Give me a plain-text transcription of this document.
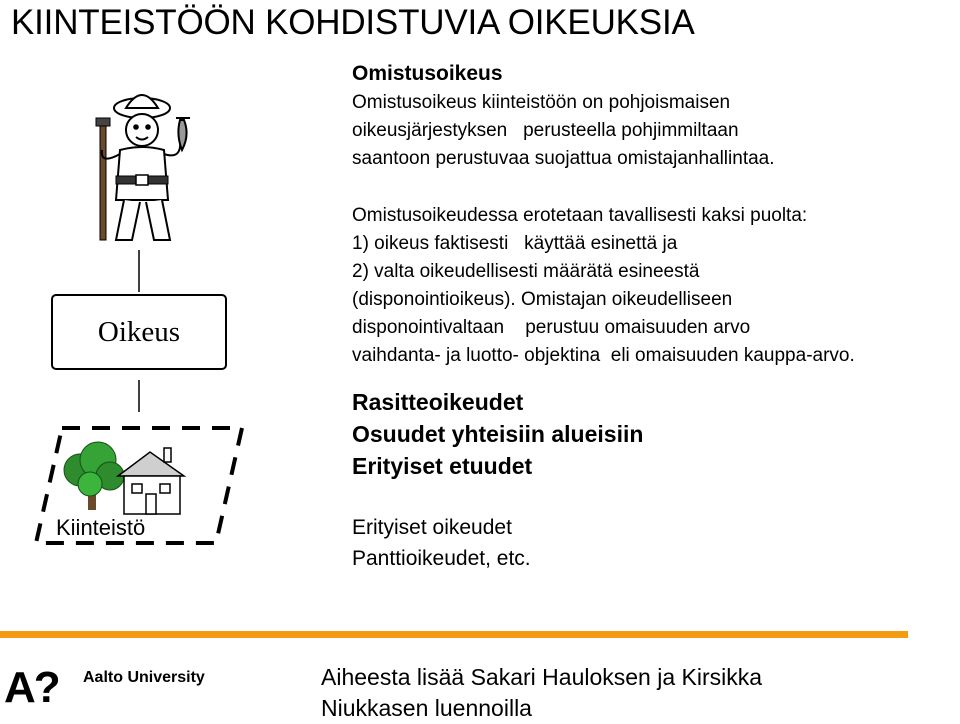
KIINTEISTÖÖN KOHDISTUVIA OIKEUKSIA
Omistusoikeus
Omistusoikeus kiinteistöön on pohjoismaisen
oikeusjärjestyksen   perusteella pohjimmiltaan
saantoon perustuvaa suojattua omistajanhallintaa.
Omistusoikeudessa erotetaan tavallisesti kaksi puolta:
1) oikeus faktisesti   käyttää esinettä ja
2) valta oikeudellisesti määrätä esineestä
(disponointioikeus). Omistajan oikeudelliseen
disponointivaltaan    perustuu omaisuuden arvo
vaihdanta- ja luotto- objektina  eli omaisuuden kauppa-arvo.
Rasitteoikeudet
Osuudet yhteisiin alueisiin
Erityiset etuudet
Erityiset oikeudet
Panttioikeudet, etc.
Oikeus
Kiinteistö
A? Aalto University	Aiheesta lisää Sakari Hauloksen ja Kirsikka
Niukkasen luennoilla
